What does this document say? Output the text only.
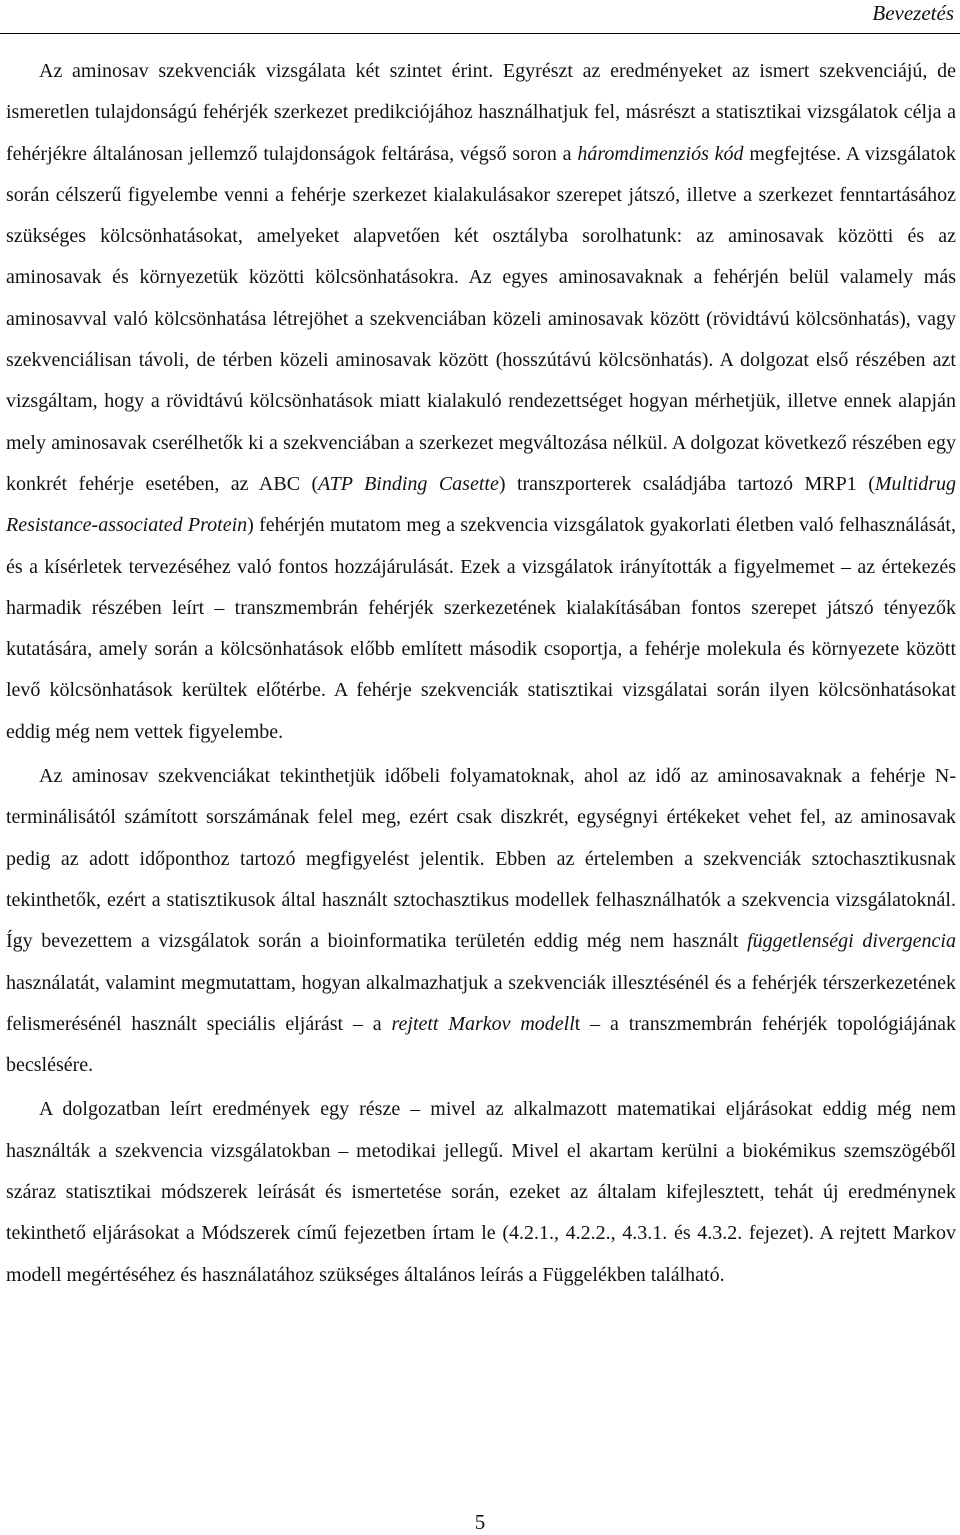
Bevezetés

Az aminosav szekvenciák vizsgálata két szintet érint. Egyrészt az eredményeket az ismert szekvenciájú, de ismeretlen tulajdonságú fehérjék szerkezet predikciójához használhatjuk fel, másrészt a statisztikai vizsgálatok célja a fehérjékre általánosan jellemző tulajdonságok feltárása, végső soron a háromdimenziós kód megfejtése. A vizsgálatok során célszerű figyelembe venni a fehérje szerkezet kialakulásakor szerepet játszó, illetve a szerkezet fenntartásához szükséges kölcsönhatásokat, amelyeket alapvetően két osztályba sorolhatunk: az aminosavak közötti és az aminosavak és környezetük közötti kölcsönhatásokra. Az egyes aminosavaknak a fehérjén belül valamely más aminosavval való kölcsönhatása létrejöhet a szekvenciában közeli aminosavak között (rövidtávú kölcsönhatás), vagy szekvenciálisan távoli, de térben közeli aminosavak között (hosszútávú kölcsönhatás). A dolgozat első részében azt vizsgáltam, hogy a rövidtávú kölcsönhatások miatt kialakuló rendezettséget hogyan mérhetjük, illetve ennek alapján mely aminosavak cserélhetők ki a szekvenciában a szerkezet megváltozása nélkül. A dolgozat következő részében egy konkrét fehérje esetében, az ABC (ATP Binding Casette) transzporterek családjába tartozó MRP1 (Multidrug Resistance-associated Protein) fehérjén mutatom meg a szekvencia vizsgálatok gyakorlati életben való felhasználását, és a kísérletek tervezéséhez való fontos hozzájárulását. Ezek a vizsgálatok irányították a figyelmemet – az értekezés harmadik részében leírt – transzmembrán fehérjék szerkezetének kialakításában fontos szerepet játszó tényezők kutatására, amely során a kölcsönhatások előbb említett második csoportja, a fehérje molekula és környezete között levő kölcsönhatások kerültek előtérbe. A fehérje szekvenciák statisztikai vizsgálatai során ilyen kölcsönhatásokat eddig még nem vettek figyelembe.

Az aminosav szekvenciákat tekinthetjük időbeli folyamatoknak, ahol az idő az aminosavaknak a fehérje N-terminálisától számított sorszámának felel meg, ezért csak diszkrét, egységnyi értékeket vehet fel, az aminosavak pedig az adott időponthoz tartozó megfigyelést jelentik. Ebben az értelemben a szekvenciák sztochasztikusnak tekinthetők, ezért a statisztikusok által használt sztochasztikus modellek felhasználhatók a szekvencia vizsgálatoknál. Így bevezettem a vizsgálatok során a bioinformatika területén eddig még nem használt függetlenségi divergencia használatát, valamint megmutattam, hogyan alkalmazhatjuk a szekvenciák illesztésénél és a fehérjék térszerkezetének felismerésénél használt speciális eljárást – a rejtett Markov modellt – a transzmembrán fehérjék topológiájának becslésére.

A dolgozatban leírt eredmények egy része – mivel az alkalmazott matematikai eljárásokat eddig még nem használták a szekvencia vizsgálatokban – metodikai jellegű. Mivel el akartam kerülni a biokémikus szemszögéből száraz statisztikai módszerek leírását és ismertetése során, ezeket az általam kifejlesztett, tehát új eredménynek tekinthető eljárásokat a Módszerek című fejezetben írtam le (4.2.1., 4.2.2., 4.3.1. és 4.3.2. fejezet). A rejtett Markov modell megértéséhez és használatához szükséges általános leírás a Függelékben található.

5
